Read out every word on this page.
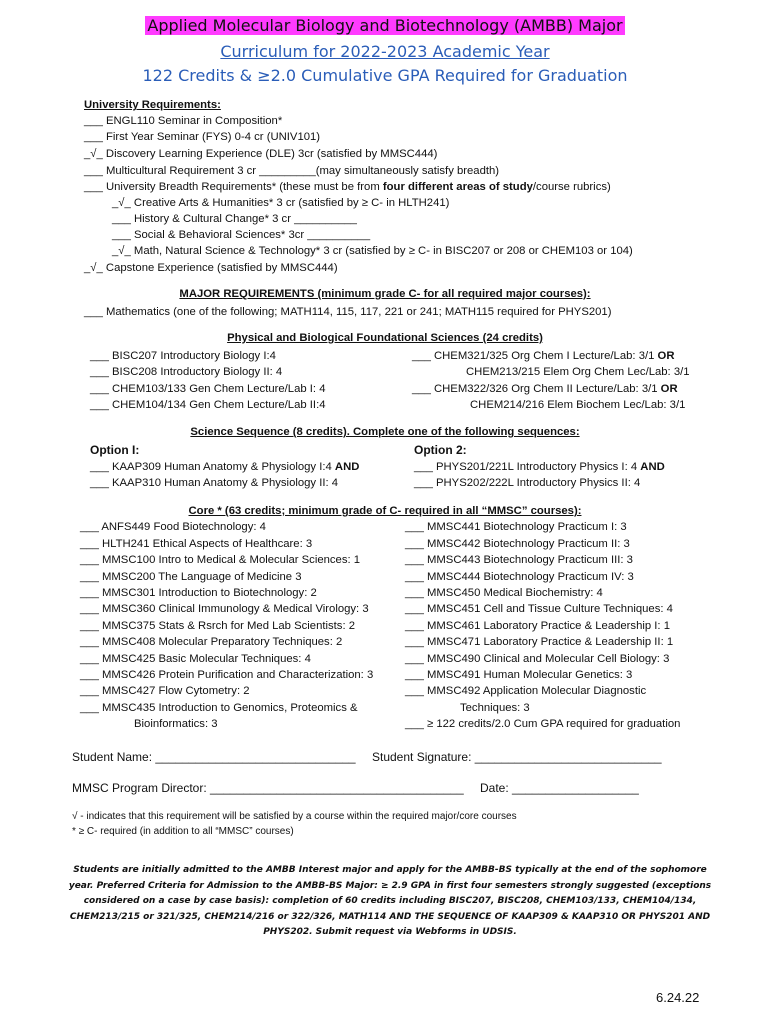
Applied Molecular Biology and Biotechnology (AMBB) Major
Curriculum for 2022-2023 Academic Year
122 Credits & ≥2.0 Cumulative GPA Required for Graduation
University Requirements:
___ ENGL110 Seminar in Composition*
___ First Year Seminar (FYS) 0-4 cr (UNIV101)
_√_ Discovery Learning Experience (DLE) 3cr (satisfied by MMSC444)
___ Multicultural Requirement 3 cr _________(may simultaneously satisfy breadth)
___ University Breadth Requirements* (these must be from four different areas of study/course rubrics)
_√_ Creative Arts & Humanities* 3 cr (satisfied by ≥ C- in HLTH241)
___ History & Cultural Change* 3 cr __________
___ Social & Behavioral Sciences* 3cr __________
_√_ Math, Natural Science & Technology* 3 cr (satisfied by ≥ C- in BISC207 or 208 or CHEM103 or 104)
_√_ Capstone Experience (satisfied by MMSC444)
MAJOR REQUIREMENTS (minimum grade C- for all required major courses):
___ Mathematics (one of the following; MATH114, 115, 117, 221 or 241; MATH115 required for PHYS201)
Physical and Biological Foundational Sciences (24 credits)
___ BISC207 Introductory Biology I:4
___ BISC208 Introductory Biology II: 4
___ CHEM103/133 Gen Chem Lecture/Lab I: 4
___ CHEM104/134 Gen Chem Lecture/Lab II:4
___ CHEM321/325 Org Chem I Lecture/Lab: 3/1 OR
CHEM213/215 Elem Org Chem Lec/Lab: 3/1
___ CHEM322/326 Org Chem II Lecture/Lab: 3/1 OR
CHEM214/216 Elem Biochem Lec/Lab: 3/1
Science Sequence (8 credits). Complete one of the following sequences:
Option I:	Option 2:
___ KAAP309 Human Anatomy & Physiology I:4 AND
___ KAAP310 Human Anatomy & Physiology II: 4
___ PHYS201/221L Introductory Physics I: 4 AND
___ PHYS202/222L Introductory Physics II: 4
Core * (63 credits; minimum grade of C- required in all “MMSC” courses):
___ ANFS449 Food Biotechnology: 4
___ HLTH241 Ethical Aspects of Healthcare: 3
___ MMSC100 Intro to Medical & Molecular Sciences: 1
___ MMSC200 The Language of Medicine 3
___ MMSC301 Introduction to Biotechnology: 2
___ MMSC360 Clinical Immunology & Medical Virology: 3
___ MMSC375 Stats & Rsrch for Med Lab Scientists: 2
___ MMSC408 Molecular Preparatory Techniques: 2
___ MMSC425 Basic Molecular Techniques: 4
___ MMSC426 Protein Purification and Characterization: 3
___ MMSC427 Flow Cytometry: 2
___ MMSC435 Introduction to Genomics, Proteomics &
Bioinformatics: 3
___ MMSC441 Biotechnology Practicum I: 3
___ MMSC442 Biotechnology Practicum II: 3
___ MMSC443 Biotechnology Practicum III: 3
___ MMSC444 Biotechnology Practicum IV: 3
___ MMSC450 Medical Biochemistry: 4
___ MMSC451 Cell and Tissue Culture Techniques: 4
___ MMSC461 Laboratory Practice & Leadership I: 1
___ MMSC471 Laboratory Practice & Leadership II: 1
___ MMSC490 Clinical and Molecular Cell Biology: 3
___ MMSC491 Human Molecular Genetics: 3
___ MMSC492 Application Molecular Diagnostic
Techniques: 3
___ ≥ 122 credits/2.0 Cum GPA required for graduation
Student Name: ______________________________ Student Signature: ____________________________
MMSC Program Director: ______________________________________ Date: ___________________
√ - indicates that this requirement will be satisfied by a course within the required major/core courses
* ≥ C- required (in addition to all “MMSC” courses)
Students are initially admitted to the AMBB Interest major and apply for the AMBB-BS typically at the end of the sophomore year. Preferred Criteria for Admission to the AMBB-BS Major: ≥ 2.9 GPA in first four semesters strongly suggested (exceptions considered on a case by case basis): completion of 60 credits including BISC207, BISC208, CHEM103/133, CHEM104/134, CHEM213/215 or 321/325, CHEM214/216 or 322/326, MATH114 AND THE SEQUENCE OF KAAP309 & KAAP310 OR PHYS201 AND PHYS202. Submit request via Webforms in UDSIS.
6.24.22
